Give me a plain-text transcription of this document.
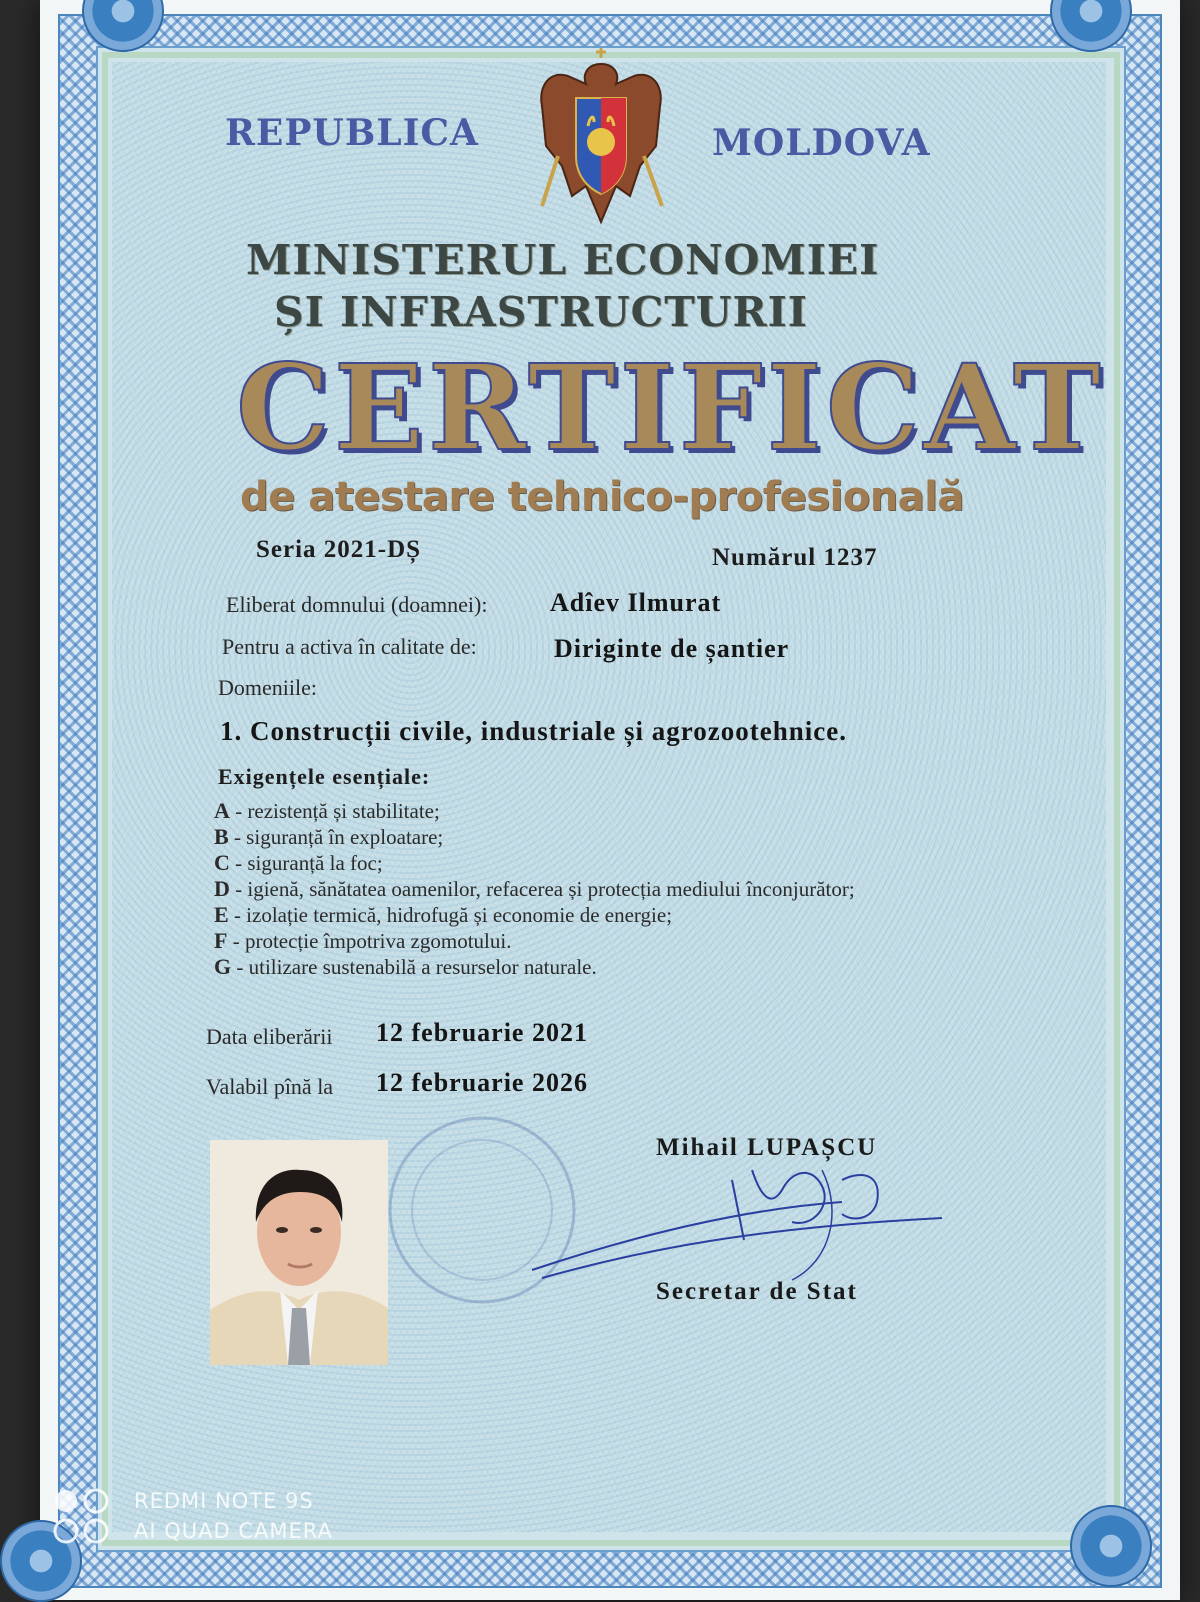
REPUBLICA	MOLDOVA

MINISTERUL ECONOMIEI

ȘI INFRASTRUCTURII

CERTIFICAT

de atestare tehnico-profesională

Seria 2021-DȘ	Numărul 1237

Eliberat domnului (doamnei): Adîev Ilmurat

Pentru a activa în calitate de:	Diriginte de șantier

Domeniile:

1. Construcții civile, industriale și agrozootehnice.

Exigențele esențiale:

A - rezistență și stabilitate;
B - siguranță în exploatare;
C - siguranță la foc;
D - igienă, sănătatea oamenilor, refacerea și protecția mediului înconjurător;
E - izolație termică, hidrofugă și economie de energie;
F - protecție împotriva zgomotului.
G - utilizare sustenabilă a resurselor naturale.

Data eliberării 12 februarie 2021

Valabil pînă la 12 februarie 2026

Mihail LUPAȘCU

Secretar de Stat

REDMI NOTE 9S
AI QUAD CAMERA
